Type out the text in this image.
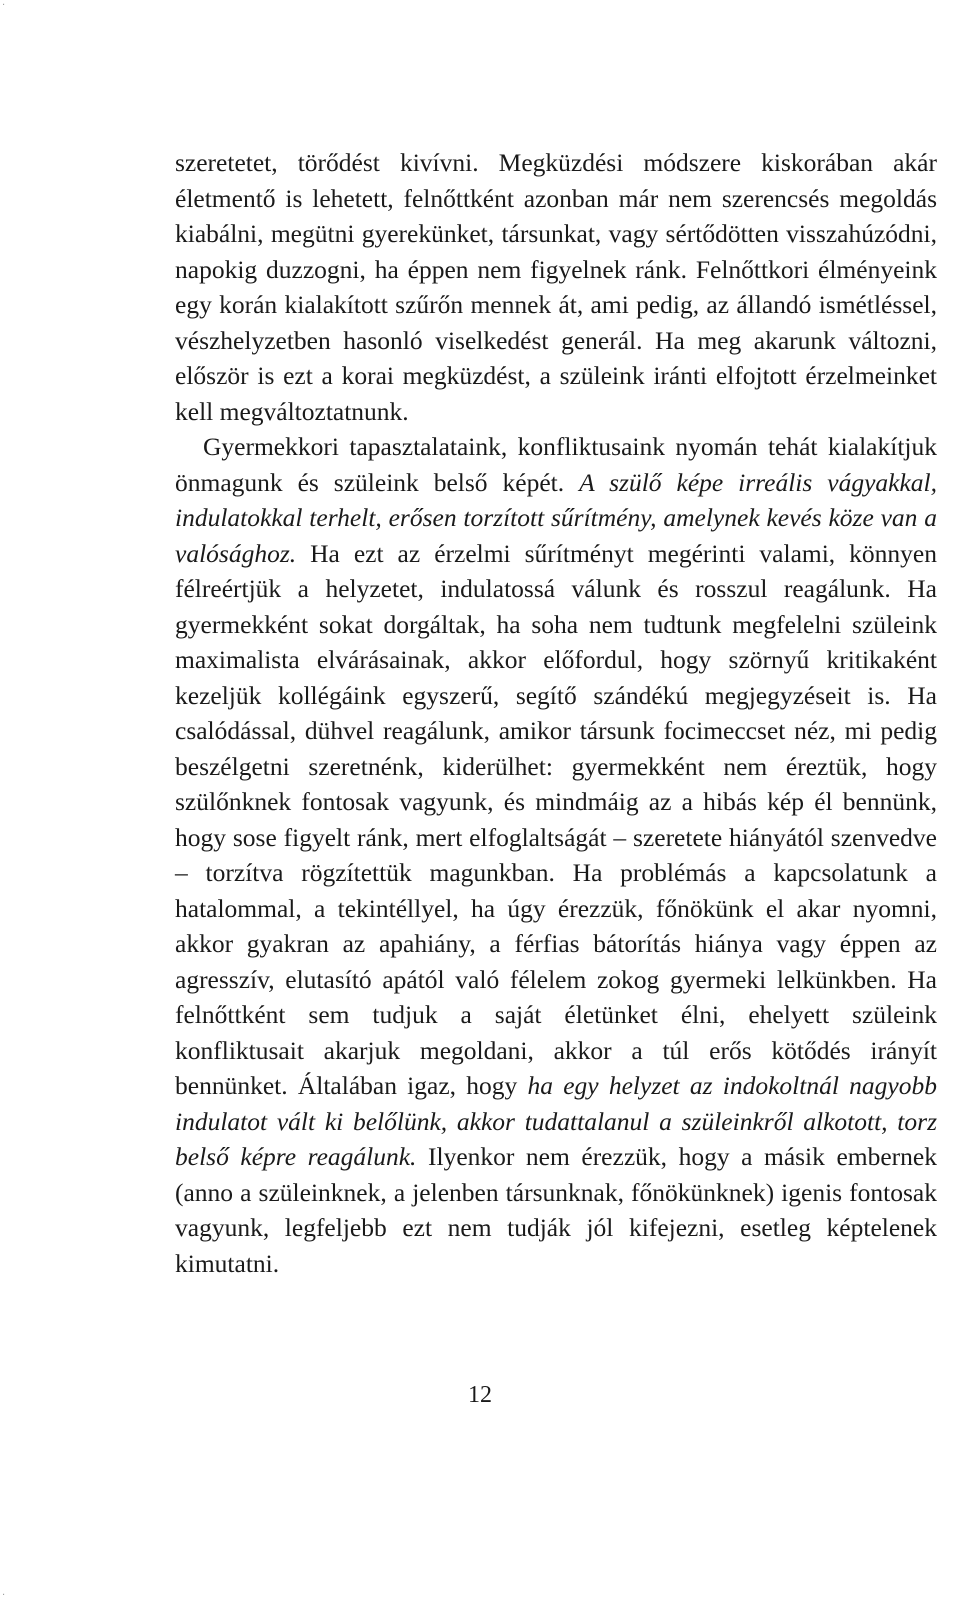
·
·

szeretetet, törődést kivívni. Megküzdési módszere kiskorában akár életmentő is lehetett, felnőttként azonban már nem szerencsés megoldás kiabálni, megütni gyerekünket, társunkat, vagy sértődötten visszahúzódni, napokig duzzogni, ha éppen nem figyelnek ránk. Felnőttkori élményeink egy korán kialakított szűrőn mennek át, ami pedig, az állandó ismétléssel, vészhelyzetben hasonló viselkedést generál. Ha meg akarunk változni, először is ezt a korai megküzdést, a szüleink iránti elfojtott érzelmeinket kell megváltoztatnunk.

Gyermekkori tapasztalataink, konfliktusaink nyomán tehát kialakítjuk önmagunk és szüleink belső képét. A szülő képe irreális vágyakkal, indulatokkal terhelt, erősen torzított sűrítmény, amelynek kevés köze van a valósághoz. Ha ezt az érzelmi sűrítményt megérinti valami, könnyen félreértjük a helyzetet, indulatossá válunk és rosszul reagálunk. Ha gyermekként sokat dorgáltak, ha soha nem tudtunk megfelelni szüleink maximalista elvárásainak, akkor előfordul, hogy szörnyű kritikaként kezeljük kollégáink egyszerű, segítő szándékú megjegyzéseit is. Ha csalódással, dühvel reagálunk, amikor társunk focimeccset néz, mi pedig beszélgetni szeretnénk, kiderülhet: gyermekként nem éreztük, hogy szülőnknek fontosak vagyunk, és mindmáig az a hibás kép él bennünk, hogy sose figyelt ránk, mert elfoglaltságát – szeretete hiányától szenvedve – torzítva rögzítettük magunkban. Ha problémás a kapcsolatunk a hatalommal, a tekintéllyel, ha úgy érezzük, főnökünk el akar nyomni, akkor gyakran az apahiány, a férfias bátorítás hiánya vagy éppen az agresszív, elutasító apától való félelem zokog gyermeki lelkünkben. Ha felnőttként sem tudjuk a saját életünket élni, ehelyett szüleink konfliktusait akarjuk megoldani, akkor a túl erős kötődés irányít bennünket. Általában igaz, hogy ha egy helyzet az indokoltnál nagyobb indulatot vált ki belőlünk, akkor tudattalanul a szüleinkről alkotott, torz belső képre reagálunk. Ilyenkor nem érezzük, hogy a másik embernek (anno a szüleinknek, a jelenben társunknak, főnökünknek) igenis fontosak vagyunk, legfeljebb ezt nem tudják jól kifejezni, esetleg képtelenek kimutatni.

12
